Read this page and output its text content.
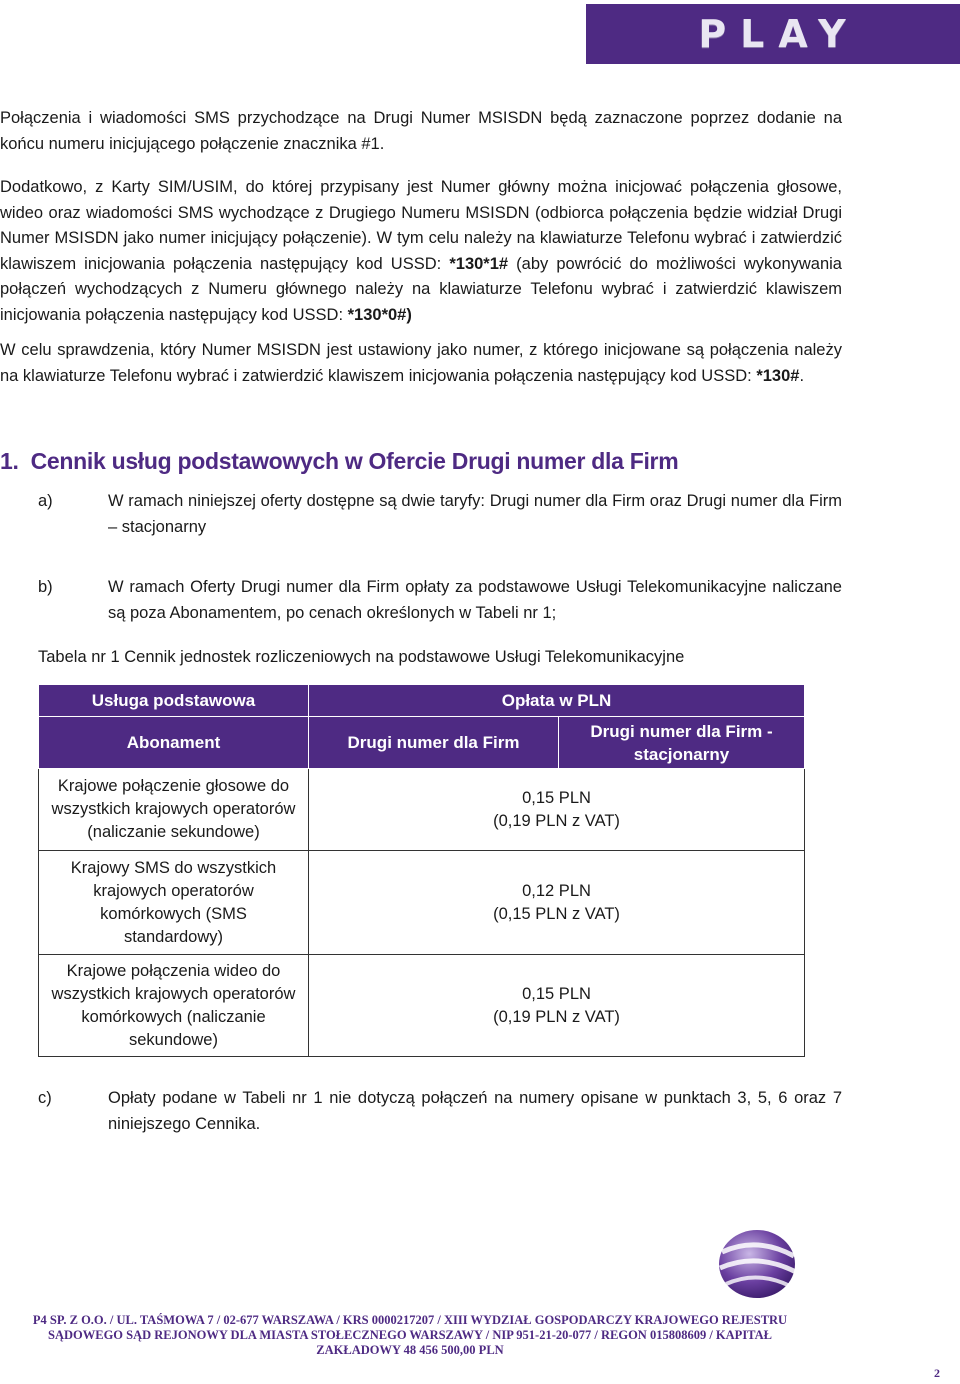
PLAY

Połączenia i wiadomości SMS przychodzące na Drugi Numer MSISDN będą zaznaczone poprzez dodanie na końcu numeru inicjującego połączenie znacznika #1.

Dodatkowo, z Karty SIM/USIM, do której przypisany jest Numer główny można inicjować połączenia głosowe, wideo oraz wiadomości SMS wychodzące z Drugiego Numeru MSISDN (odbiorca połączenia będzie widział Drugi Numer MSISDN jako numer inicjujący połączenie). W tym celu należy na klawiaturze Telefonu wybrać i zatwierdzić klawiszem inicjowania połączenia następujący kod USSD: *130*1# (aby powrócić do możliwości wykonywania połączeń wychodzących z Numeru głównego należy na klawiaturze Telefonu wybrać i zatwierdzić klawiszem inicjowania połączenia następujący kod USSD: *130*0#)

W celu sprawdzenia, który Numer MSISDN jest ustawiony jako numer, z którego inicjowane są połączenia należy na klawiaturze Telefonu wybrać i zatwierdzić klawiszem inicjowania połączenia następujący kod USSD: *130#.

1. Cennik usług podstawowych w Ofercie Drugi numer dla Firm
a)	W ramach niniejszej oferty dostępne są dwie taryfy: Drugi numer dla Firm oraz Drugi numer dla Firm – stacjonarny
b)	W ramach Oferty Drugi numer dla Firm opłaty za podstawowe Usługi Telekomunikacyjne naliczane są poza Abonamentem, po cenach określonych w Tabeli nr 1;
Tabela nr 1 Cennik jednostek rozliczeniowych na podstawowe Usługi Telekomunikacyjne
Usługa podstawowa	Opłata w PLN	
Abonament	Drugi numer dla Firm	Drugi numer dla Firm - stacjonarny
Krajowe połączenie głosowe do wszystkich krajowych operatorów (naliczanie sekundowe)	0,15 PLN
(0,19 PLN z VAT)	

Krajowy SMS do wszystkich krajowych operatorów komórkowych (SMS standardowy)	0,12 PLN
(0,15 PLN z VAT)	

Krajowe połączenia wideo do wszystkich krajowych operatorów komórkowych (naliczanie sekundowe)	0,15 PLN
(0,19 PLN z VAT)	
c)	Opłaty podane w Tabeli nr 1 nie dotyczą połączeń na numery opisane w punktach 3, 5, 6 oraz 7 niniejszego Cennika.
P4 SP. Z O.O. / UL. TAŚMOWA 7 / 02-677 WARSZAWA / KRS 0000217207 / XIII WYDZIAŁ GOSPODARCZY KRAJOWEGO REJESTRU
SĄDOWEGO SĄD REJONOWY DLA MIASTA STOŁECZNEGO WARSZAWY / NIP 951-21-20-077 / REGON 015808609 / KAPITAŁ
ZAKŁADOWY 48 456 500,00 PLN
2
